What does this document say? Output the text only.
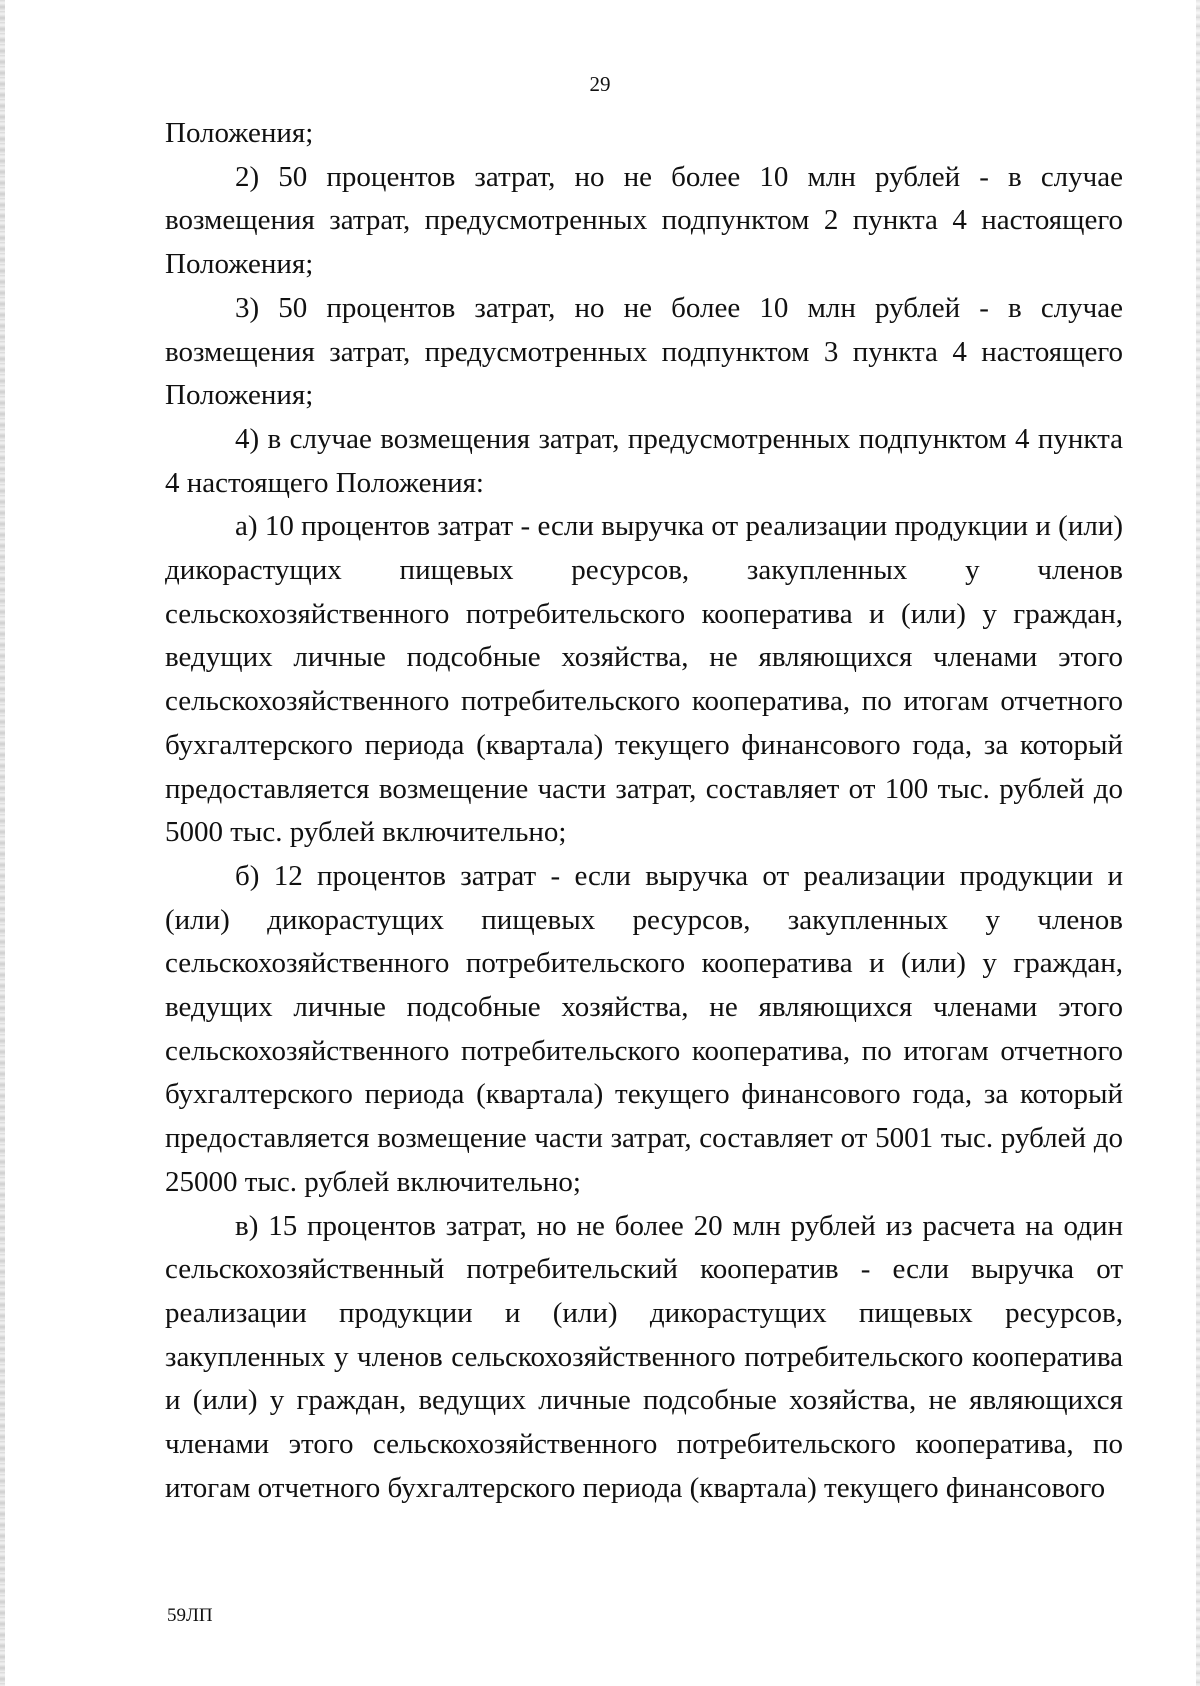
29

Положения;

2) 50 процентов затрат, но не более 10 млн рублей - в случае возмещения затрат, предусмотренных подпунктом 2 пункта 4 настоящего Положения;

3) 50 процентов затрат, но не более 10 млн рублей - в случае возмещения затрат, предусмотренных подпунктом 3 пункта 4 настоящего Положения;

4) в случае возмещения затрат, предусмотренных подпунктом 4 пункта 4 настоящего Положения:

а) 10 процентов затрат - если выручка от реализации продукции и (или) дикорастущих пищевых ресурсов, закупленных у членов сельскохозяйственного потребительского кооператива и (или) у граждан, ведущих личные подсобные хозяйства, не являющихся членами этого сельскохозяйственного потребительского кооператива, по итогам отчетного бухгалтерского периода (квартала) текущего финансового года, за который предоставляется возмещение части затрат, составляет от 100 тыс. рублей до 5000 тыс. рублей включительно;

б) 12 процентов затрат - если выручка от реализации продукции и (или) дикорастущих пищевых ресурсов, закупленных у членов сельскохозяйственного потребительского кооператива и (или) у граждан, ведущих личные подсобные хозяйства, не являющихся членами этого сельскохозяйственного потребительского кооператива, по итогам отчетного бухгалтерского периода (квартала) текущего финансового года, за который предоставляется возмещение части затрат, составляет от 5001 тыс. рублей до 25000 тыс. рублей включительно;

в) 15 процентов затрат, но не более 20 млн рублей из расчета на один сельскохозяйственный потребительский кооператив - если выручка от реализации продукции и (или) дикорастущих пищевых ресурсов, закупленных у членов сельскохозяйственного потребительского кооператива и (или) у граждан, ведущих личные подсобные хозяйства, не являющихся членами этого сельскохозяйственного потребительского кооператива, по итогам отчетного бухгалтерского периода (квартала) текущего финансового

59ЛП
